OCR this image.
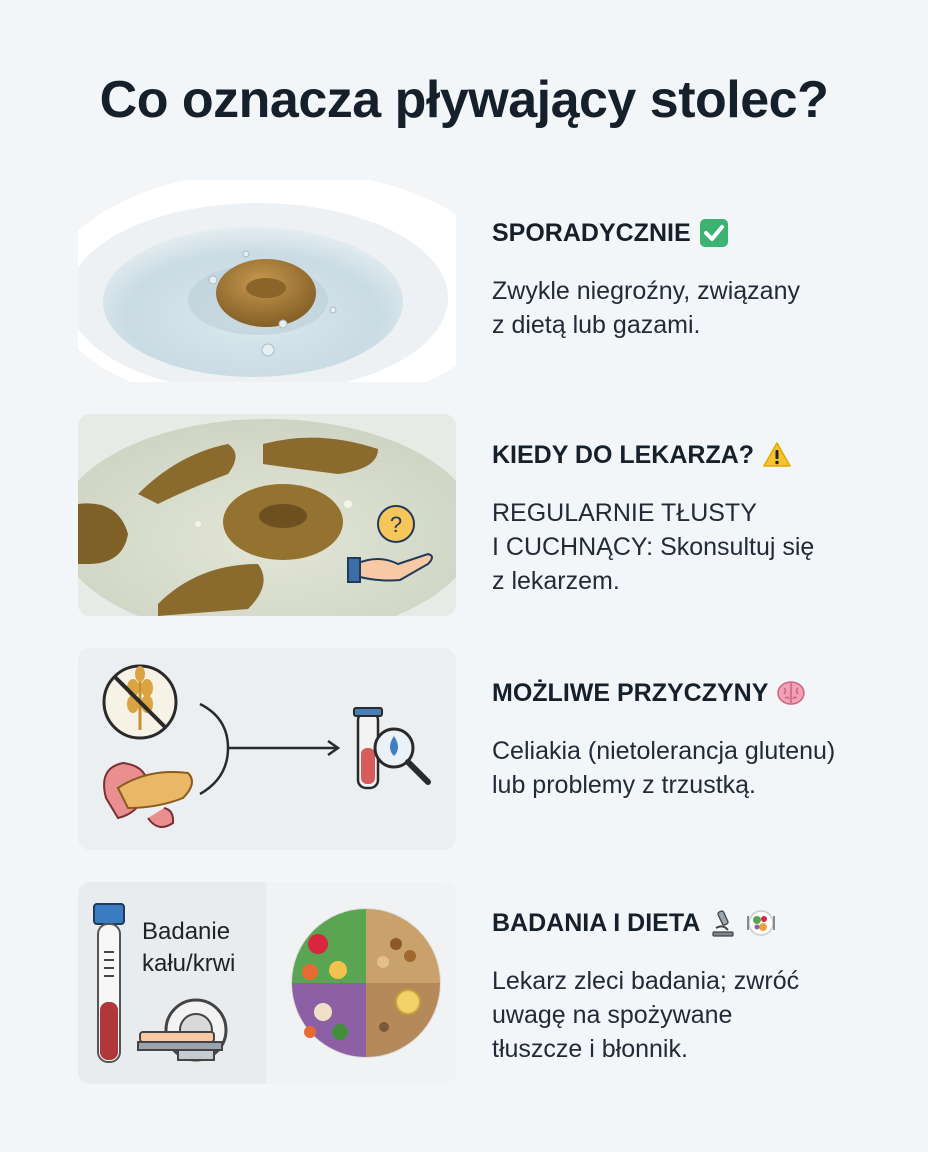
Co oznacza pływający stolec?
SPORADYCZNIE
Zwykle niegroźny, związany
z dietą lub gazami.
?
KIEDY DO LEKARZA?
REGULARNIE TŁUSTY
I CUCHNĄCY: Skonsultuj się
z lekarzem.
MOŻLIWE PRZYCZYNY
Celiakia (nietolerancja glutenu)
lub problemy z trzustką.
Badanie
kału/krwi
BADANIA I DIETA
Lekarz zleci badania; zwróć
uwagę na spożywane
tłuszcze i błonnik.
